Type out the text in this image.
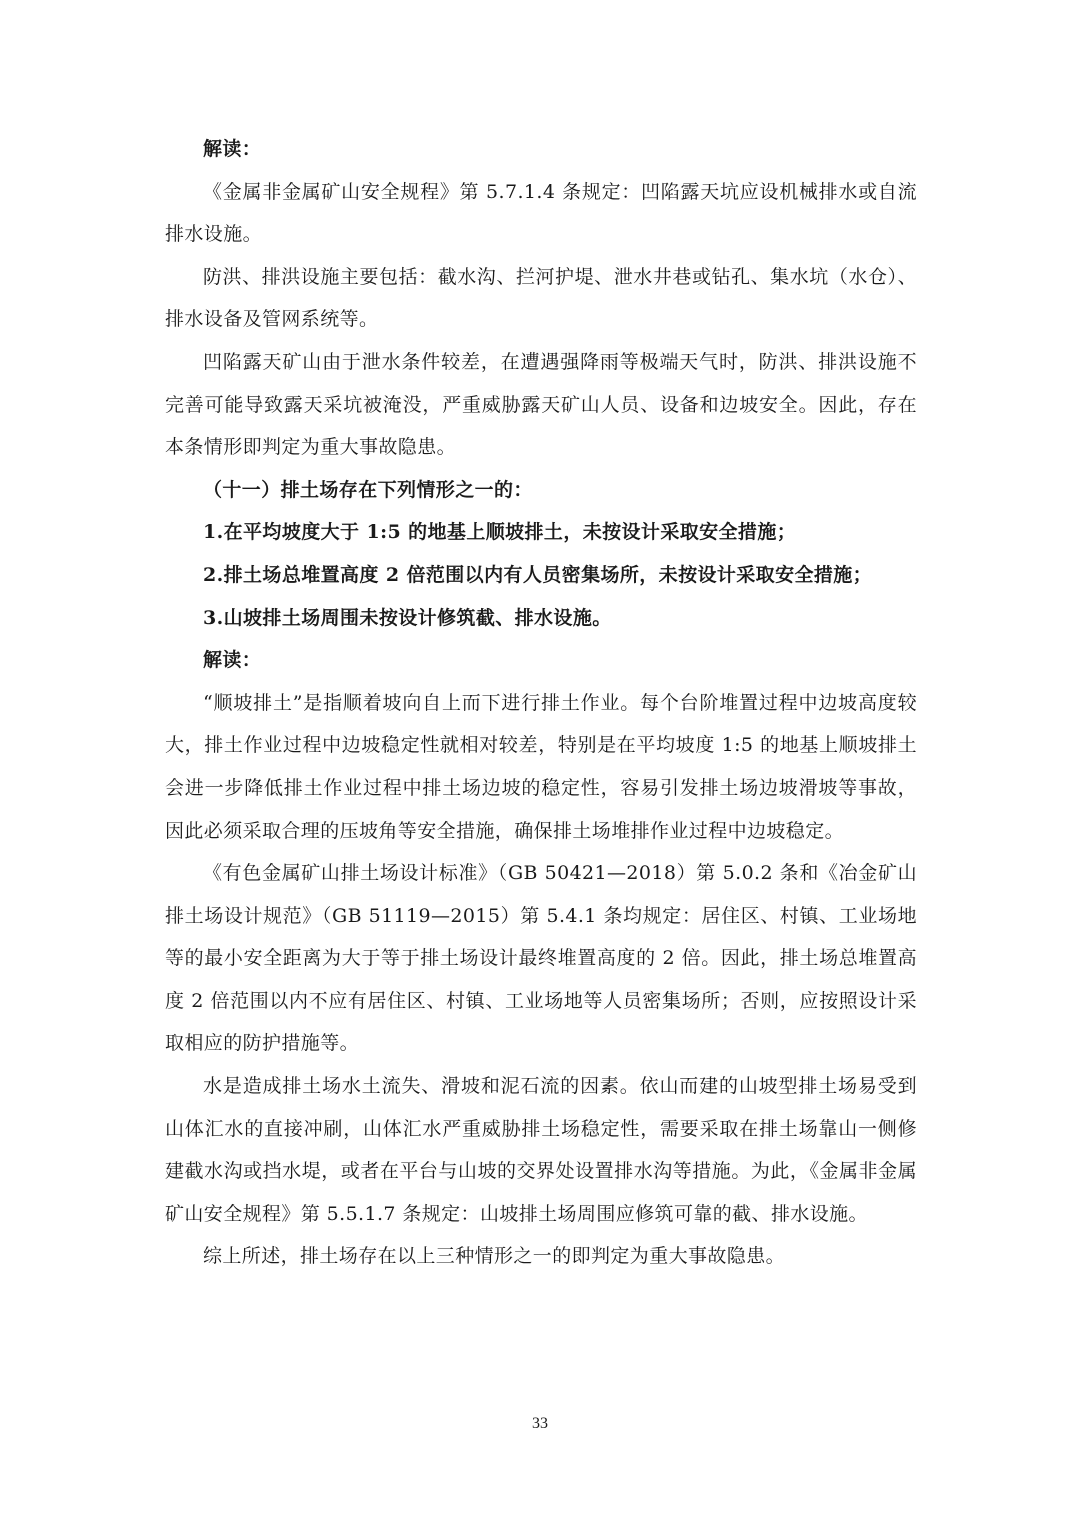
解读：

《金属非金属矿山安全规程》第 5.7.1.4 条规定：凹陷露天坑应设机械排水或自流排水设施。

防洪、排洪设施主要包括：截水沟、拦河护堤、泄水井巷或钻孔、集水坑（水仓）、排水设备及管网系统等。

凹陷露天矿山由于泄水条件较差，在遭遇强降雨等极端天气时，防洪、排洪设施不完善可能导致露天采坑被淹没，严重威胁露天矿山人员、设备和边坡安全。因此，存在本条情形即判定为重大事故隐患。

（十一）排土场存在下列情形之一的：

1.在平均坡度大于 1:5 的地基上顺坡排土，未按设计采取安全措施；

2.排土场总堆置高度 2 倍范围以内有人员密集场所，未按设计采取安全措施；

3.山坡排土场周围未按设计修筑截、排水设施。

解读：

“顺坡排土”是指顺着坡向自上而下进行排土作业。每个台阶堆置过程中边坡高度较大，排土作业过程中边坡稳定性就相对较差，特别是在平均坡度 1:5 的地基上顺坡排土会进一步降低排土作业过程中排土场边坡的稳定性，容易引发排土场边坡滑坡等事故，因此必须采取合理的压坡角等安全措施，确保排土场堆排作业过程中边坡稳定。

《有色金属矿山排土场设计标准》（GB 50421—2018）第 5.0.2 条和《冶金矿山排土场设计规范》（GB 51119—2015）第 5.4.1 条均规定：居住区、村镇、工业场地等的最小安全距离为大于等于排土场设计最终堆置高度的 2 倍。因此，排土场总堆置高度 2 倍范围以内不应有居住区、村镇、工业场地等人员密集场所；否则，应按照设计采取相应的防护措施等。

水是造成排土场水土流失、滑坡和泥石流的因素。依山而建的山坡型排土场易受到山体汇水的直接冲刷，山体汇水严重威胁排土场稳定性，需要采取在排土场靠山一侧修建截水沟或挡水堤，或者在平台与山坡的交界处设置排水沟等措施。为此，《金属非金属矿山安全规程》第 5.5.1.7 条规定：山坡排土场周围应修筑可靠的截、排水设施。

综上所述，排土场存在以上三种情形之一的即判定为重大事故隐患。

33
